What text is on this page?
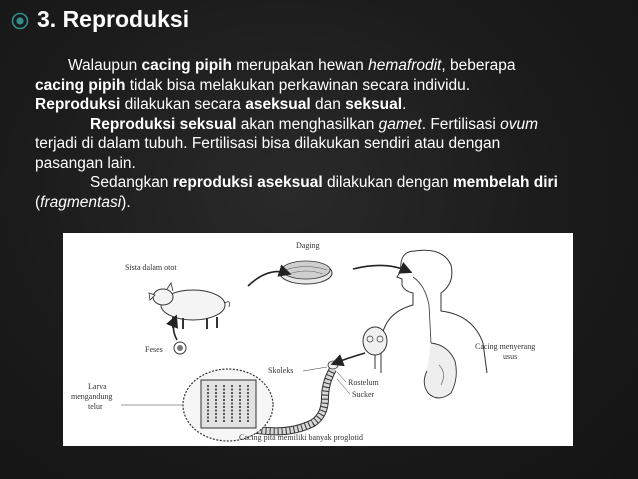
3. Reproduksi

Walaupun cacing pipih merupakan hewan hemafrodit, beberapa

cacing pipih tidak bisa melakukan perkawinan secara individu.

Reproduksi dilakukan secara aseksual dan seksual.

Reproduksi seksual akan menghasilkan gamet. Fertilisasi ovum

terjadi di dalam tubuh. Fertilisasi bisa dilakukan sendiri atau dengan

pasangan lain.

Sedangkan reproduksi aseksual dilakukan dengan membelah diri

(fragmentasi).

Daging
Sista dalam otot
Cacing menyerang
usus
Skoleks
Rostelum
Sucker
Feses
Larva
mengandung
telur
Cacing pita memiliki banyak proglotid
